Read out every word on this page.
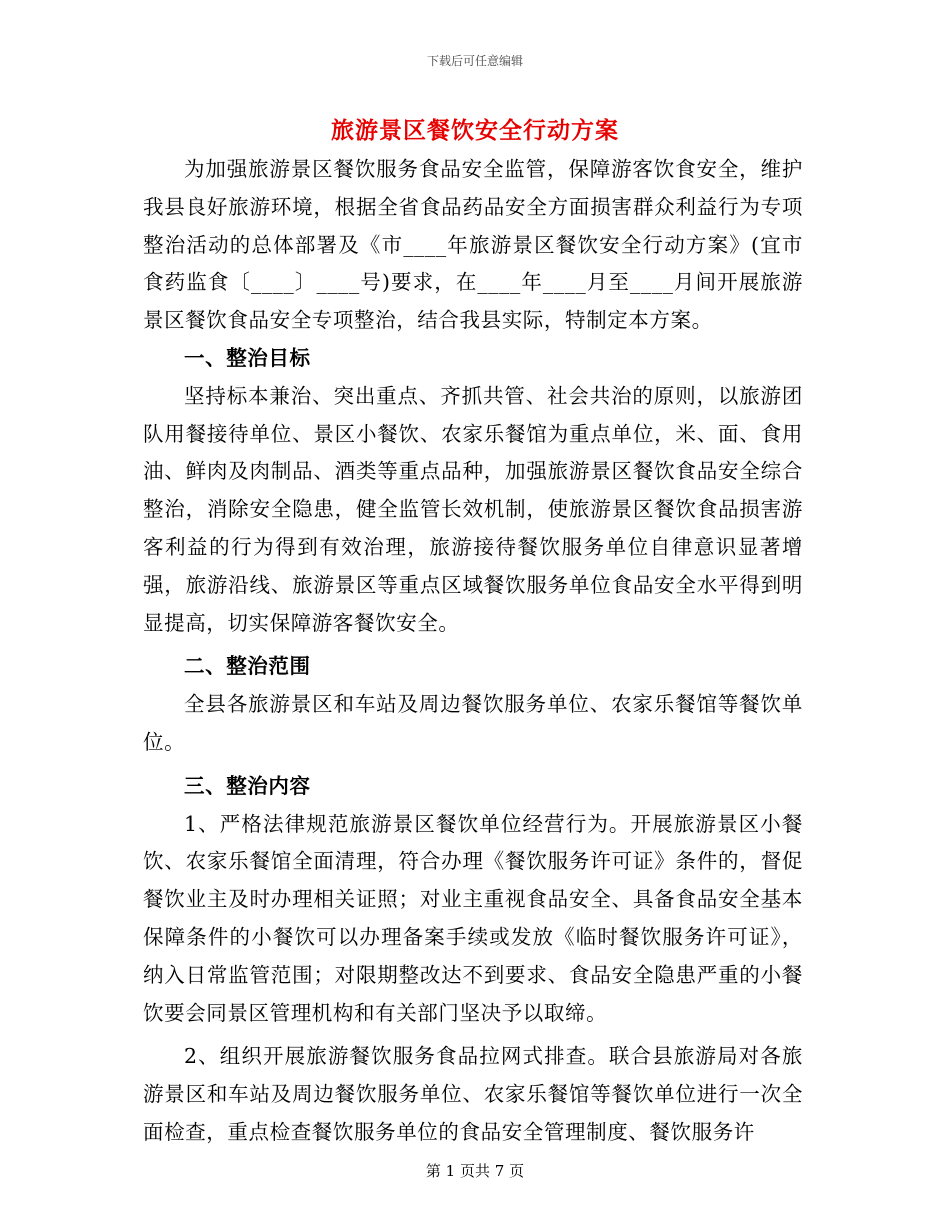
下载后可任意编辑
旅游景区餐饮安全行动方案

为加强旅游景区餐饮服务食品安全监管，保障游客饮食安全，维护我县良好旅游环境，根据全省食品药品安全方面损害群众利益行为专项整治活动的总体部署及《市____年旅游景区餐饮安全行动方案》(宜市食药监食〔____〕____号)要求，在____年____月至____月间开展旅游景区餐饮食品安全专项整治，结合我县实际，特制定本方案。

一、整治目标

坚持标本兼治、突出重点、齐抓共管、社会共治的原则，以旅游团队用餐接待单位、景区小餐饮、农家乐餐馆为重点单位，米、面、食用油、鲜肉及肉制品、酒类等重点品种，加强旅游景区餐饮食品安全综合整治，消除安全隐患，健全监管长效机制，使旅游景区餐饮食品损害游客利益的行为得到有效治理，旅游接待餐饮服务单位自律意识显著增强，旅游沿线、旅游景区等重点区域餐饮服务单位食品安全水平得到明显提高，切实保障游客餐饮安全。

二、整治范围

全县各旅游景区和车站及周边餐饮服务单位、农家乐餐馆等餐饮单位。

三、整治内容

1、严格法律规范旅游景区餐饮单位经营行为。开展旅游景区小餐饮、农家乐餐馆全面清理，符合办理《餐饮服务许可证》条件的，督促餐饮业主及时办理相关证照；对业主重视食品安全、具备食品安全基本保障条件的小餐饮可以办理备案手续或发放《临时餐饮服务许可证》，纳入日常监管范围；对限期整改达不到要求、食品安全隐患严重的小餐饮要会同景区管理机构和有关部门坚决予以取缔。

2、组织开展旅游餐饮服务食品拉网式排查。联合县旅游局对各旅游景区和车站及周边餐饮服务单位、农家乐餐馆等餐饮单位进行一次全面检查，重点检查餐饮服务单位的食品安全管理制度、餐饮服务许

第 1 页共 7 页
